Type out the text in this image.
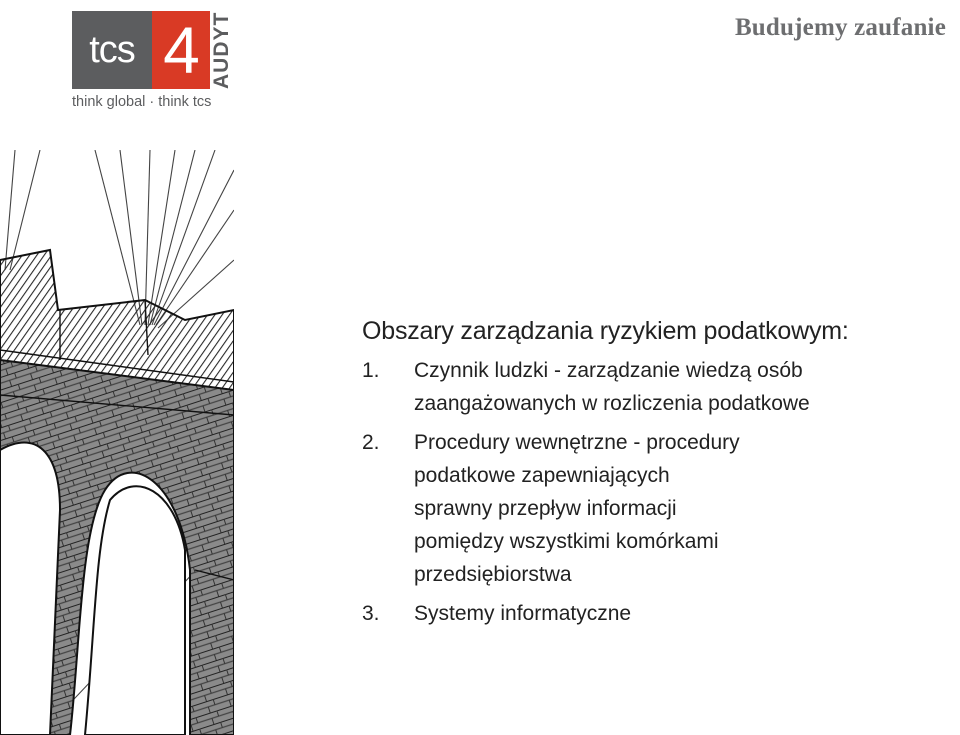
tcs 4 AUDYT
think global · think tcs
Budujemy zaufanie
Obszary zarządzania ryzykiem podatkowym:
1.	Czynnik ludzki - zarządzanie wiedzą osób
zaangażowanych w rozliczenia podatkowe
2.	Procedury wewnętrzne - procedury
podatkowe zapewniających
sprawny przepływ informacji
pomiędzy wszystkimi komórkami
przedsiębiorstwa
3.	Systemy informatyczne
